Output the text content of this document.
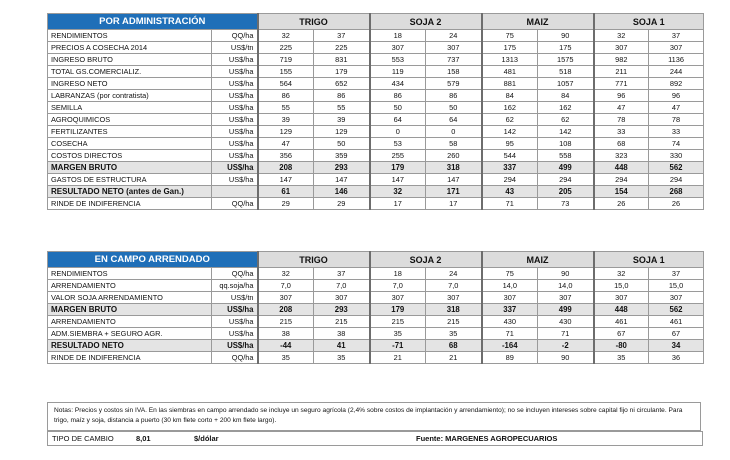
POR ADMINISTRACIÓN		TRIGO		SOJA 2		MAIZ		SOJA 1	
RENDIMIENTOS	QQ/ha	32	37	18	24	75	90	32	37
PRECIOS A COSECHA 2014	US$/tn	225	225	307	307	175	175	307	307
INGRESO BRUTO	US$/ha	719	831	553	737	1313	1575	982	1136
TOTAL GS.COMERCIALIZ.	US$/ha	155	179	119	158	481	518	211	244
INGRESO NETO	US$/ha	564	652	434	579	881	1057	771	892
LABRANZAS (por contratista)	US$/ha	86	86	86	86	84	84	96	96
SEMILLA	US$/ha	55	55	50	50	162	162	47	47
AGROQUIMICOS	US$/ha	39	39	64	64	62	62	78	78
FERTILIZANTES	US$/ha	129	129	0	0	142	142	33	33
COSECHA	US$/ha	47	50	53	58	95	108	68	74
COSTOS DIRECTOS	US$/ha	356	359	255	260	544	558	323	330
MARGEN BRUTO	US$/ha	208	293	179	318	337	499	448	562
GASTOS DE ESTRUCTURA	US$/ha	147	147	147	147	294	294	294	294
RESULTADO NETO (antes de Gan.)		61	146	32	171	43	205	154	268
RINDE DE INDIFERENCIA	QQ/ha	29	29	17	17	71	73	26	26
EN CAMPO ARRENDADO		TRIGO		SOJA 2		MAIZ		SOJA 1	
RENDIMIENTOS	QQ/ha	32	37	18	24	75	90	32	37
ARRENDAMIENTO	qq.soja/ha	7,0	7,0	7,0	7,0	14,0	14,0	15,0	15,0
VALOR SOJA ARRENDAMIENTO	US$/tn	307	307	307	307	307	307	307	307
MARGEN BRUTO	US$/ha	208	293	179	318	337	499	448	562
ARRENDAMIENTO	US$/ha	215	215	215	215	430	430	461	461
ADM.SIEMBRA + SEGURO AGR.	US$/ha	38	38	35	35	71	71	67	67
RESULTADO NETO	US$/ha	-44	41	-71	68	-164	-2	-80	34
RINDE DE INDIFERENCIA	QQ/ha	35	35	21	21	89	90	35	36
Notas: Precios y costos sin IVA. En las siembras en campo arrendado se incluye un seguro agrícola (2,4% sobre costos de implantación y arrendamiento); no se incluyen intereses sobre capital fijo ni circulante. Para trigo, maíz y soja, distancia a puerto (30 km flete corto + 200 km flete largo).
TIPO DE CAMBIO	8,01	$/dólar	Fuente: MARGENES AGROPECUARIOS
